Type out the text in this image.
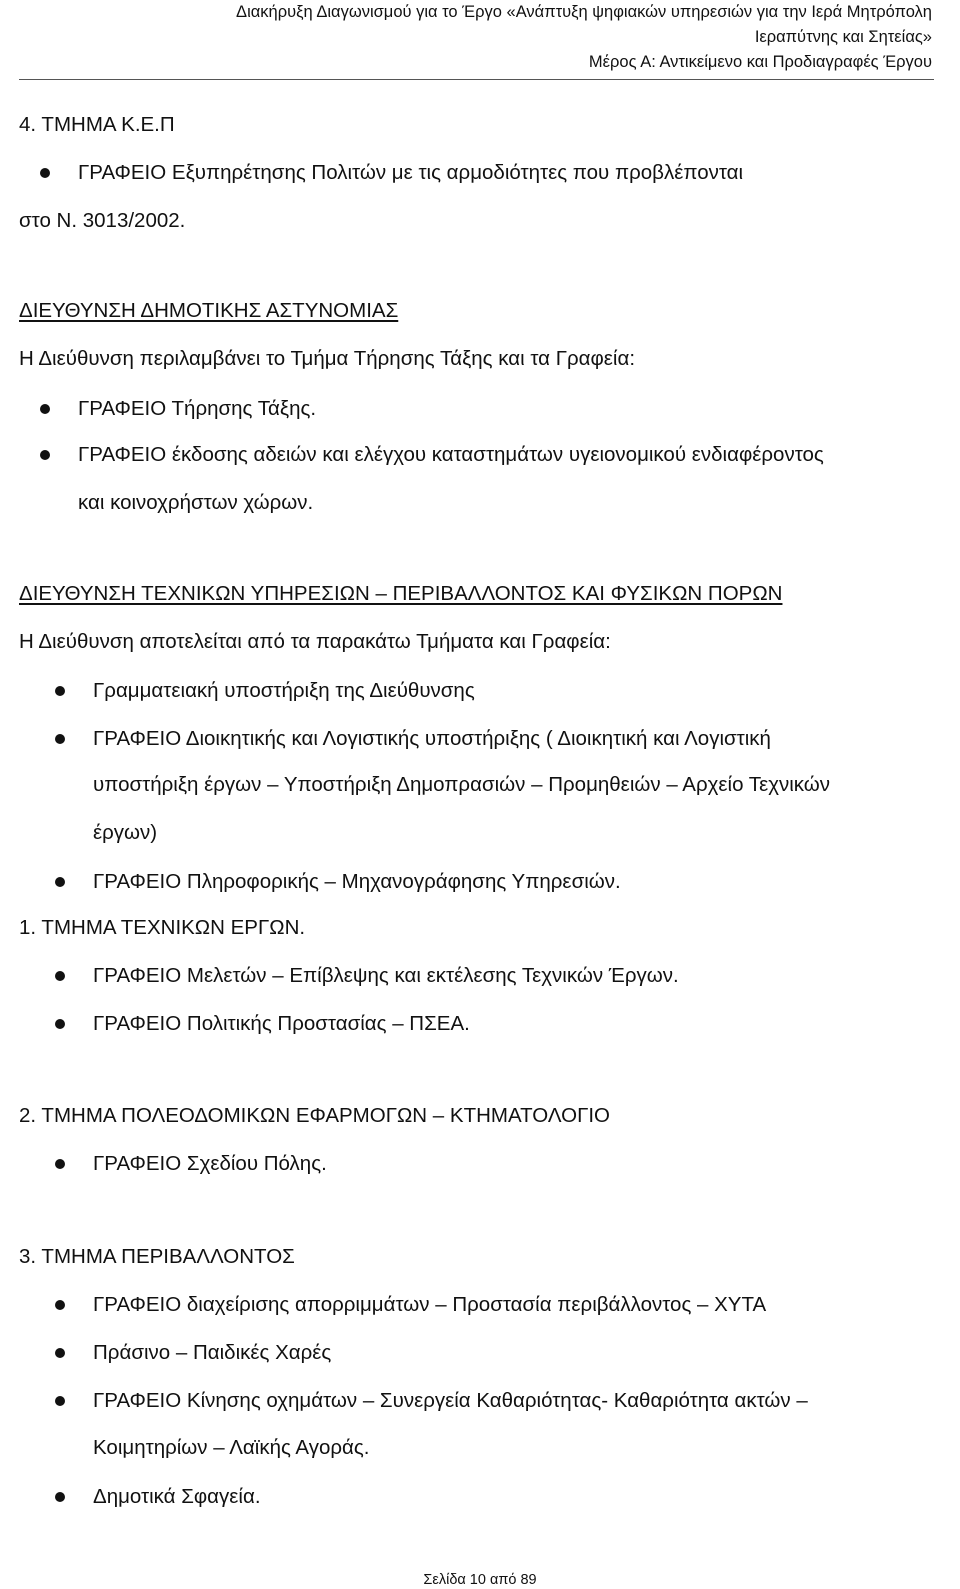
Διακήρυξη Διαγωνισμού για το Έργο «Ανάπτυξη ψηφιακών υπηρεσιών για την Ιερά Μητρόπολη
Ιεραπύτνης και Σητείας»
Μέρος Α: Αντικείμενο και Προδιαγραφές Έργου
4. ΤΜΗΜΑ Κ.Ε.Π
ΓΡΑΦΕΙΟ Εξυπηρέτησης Πολιτών με τις αρμοδιότητες που προβλέπονται
στο Ν. 3013/2002.
ΔΙΕΥΘΥΝΣΗ ΔΗΜΟΤΙΚΗΣ ΑΣΤΥΝΟΜΙΑΣ
Η Διεύθυνση περιλαμβάνει το Τμήμα Τήρησης Τάξης και τα Γραφεία:
ΓΡΑΦΕΙΟ Τήρησης Τάξης.
ΓΡΑΦΕΙΟ έκδοσης αδειών και ελέγχου καταστημάτων υγειονομικού ενδιαφέροντος
και κοινοχρήστων χώρων.
ΔΙΕΥΘΥΝΣΗ ΤΕΧΝΙΚΩΝ ΥΠΗΡΕΣΙΩΝ – ΠΕΡΙΒΑΛΛΟΝΤΟΣ ΚΑΙ ΦΥΣΙΚΩΝ ΠΟΡΩΝ
Η Διεύθυνση αποτελείται από τα παρακάτω Τμήματα και Γραφεία:
Γραμματειακή υποστήριξη της Διεύθυνσης
ΓΡΑΦΕΙΟ Διοικητικής και Λογιστικής υποστήριξης ( Διοικητική και Λογιστική
υποστήριξη έργων – Υποστήριξη Δημοπρασιών – Προμηθειών – Αρχείο Τεχνικών
έργων)
ΓΡΑΦΕΙΟ Πληροφορικής – Μηχανογράφησης Υπηρεσιών.
1. ΤΜΗΜΑ ΤΕΧΝΙΚΩΝ ΕΡΓΩΝ.
ΓΡΑΦΕΙΟ Μελετών – Επίβλεψης και εκτέλεσης Τεχνικών Έργων.
ΓΡΑΦΕΙΟ Πολιτικής Προστασίας – ΠΣΕΑ.
2. ΤΜΗΜΑ ΠΟΛΕΟΔΟΜΙΚΩΝ ΕΦΑΡΜΟΓΩΝ – ΚΤΗΜΑΤΟΛΟΓΙΟ
ΓΡΑΦΕΙΟ Σχεδίου Πόλης.
3. ΤΜΗΜΑ ΠΕΡΙΒΑΛΛΟΝΤΟΣ
ΓΡΑΦΕΙΟ διαχείρισης απορριμμάτων – Προστασία περιβάλλοντος – ΧΥΤΑ
Πράσινο – Παιδικές Χαρές
ΓΡΑΦΕΙΟ Κίνησης οχημάτων – Συνεργεία Καθαριότητας- Καθαριότητα ακτών –
Κοιμητηρίων – Λαϊκής Αγοράς.
Δημοτικά Σφαγεία.
Σελίδα 10 από 89
